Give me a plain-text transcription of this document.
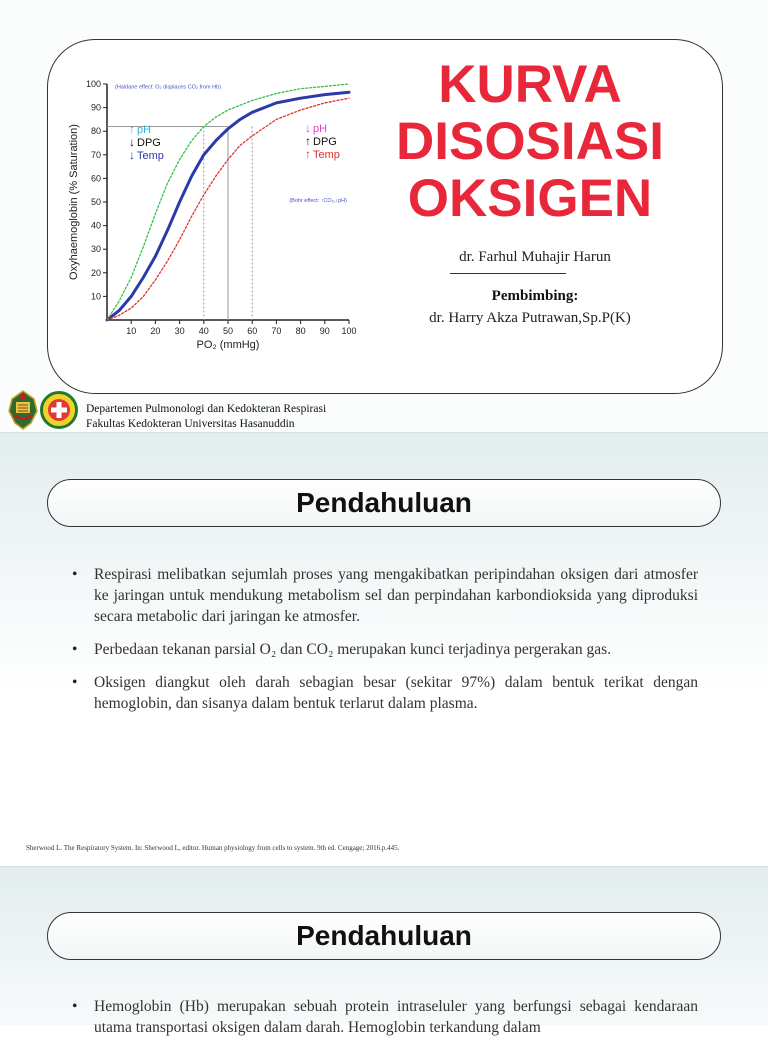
10 20 30 40 50 60 70 80 90 100
10
20
30
40
50
60
70
80
90
100
PO₂ (mmHg)
Oxyhaemoglobin (% Saturation)
(Haldane effect: O₂ displaces CO₂ from Hb)
(Bohr effect: ↑CO₂,↓pH)
↑ pH
↓ DPG
↓ Temp
↓ pH
↑ DPG
↑ Temp
KURVA DISOSIASI OKSIGEN
dr. Farhul Muhajir Harun
Pembimbing:
dr. Harry Akza Putrawan,Sp.P(K)
Departemen Pulmonologi dan Kedokteran Respirasi
Fakultas Kedokteran Universitas Hasanuddin
Pendahuluan
• Respirasi melibatkan sejumlah proses yang mengakibatkan peripindahan oksigen dari atmosfer ke jaringan untuk mendukung metabolism sel dan perpindahan karbondioksida yang diproduksi secara metabolic dari jaringan ke atmosfer.
• Perbedaan tekanan parsial O₂ dan CO₂ merupakan kunci terjadinya pergerakan gas.
• Oksigen diangkut oleh darah sebagian besar (sekitar 97%) dalam bentuk terikat dengan hemoglobin, dan sisanya dalam bentuk terlarut dalam plasma.
Sherwood L. The Respiratory System. In: Sherwood L, editor. Human physiology from cells to system. 9th ed. Cengage; 2016.p.445.
Pendahuluan
• Hemoglobin (Hb) merupakan sebuah protein intraseluler yang berfungsi sebagai kendaraan utama transportasi oksigen dalam darah. Hemoglobin terkandung dalam
